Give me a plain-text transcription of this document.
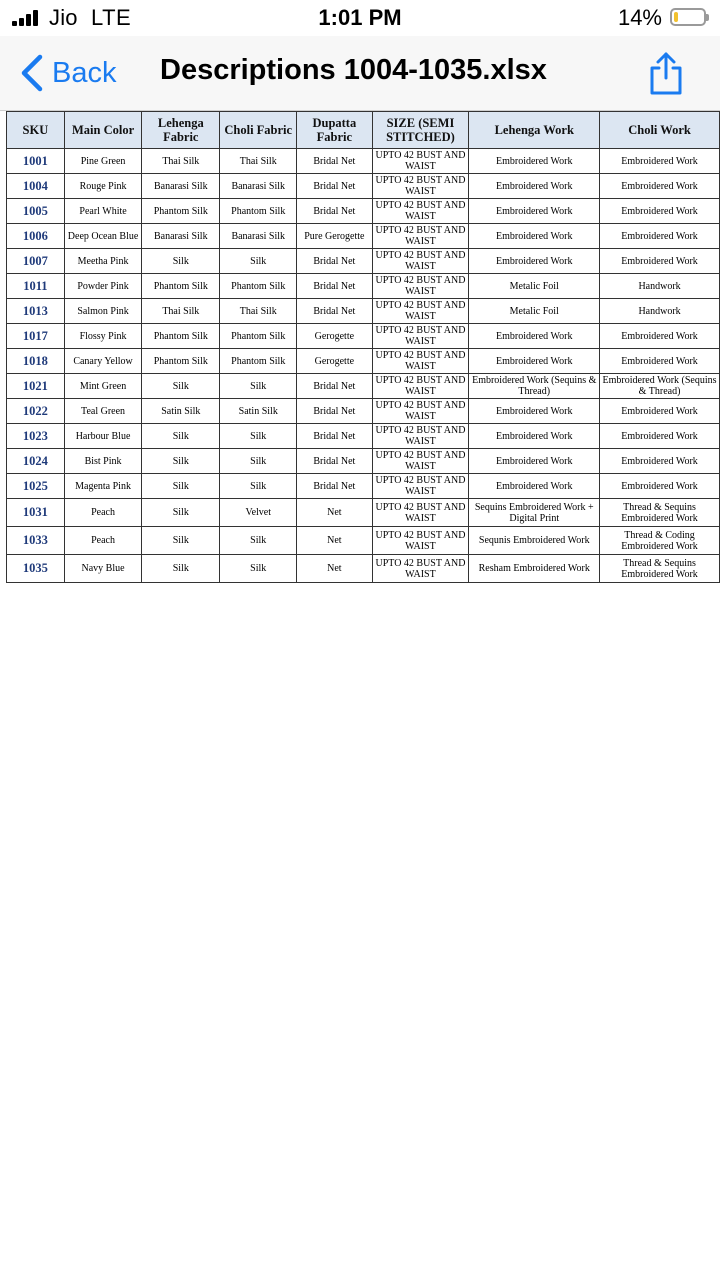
Jio LTE	1:01 PM	14%
Back Descriptions 1004-1035.xlsx
SKU	Main Color	Lehenga Fabric	Choli Fabric	Dupatta Fabric	SIZE (SEMI STITCHED)	Lehenga Work	Choli Work
1001	Pine Green	Thai Silk	Thai Silk	Bridal Net	UPTO 42 BUST AND WAIST	Embroidered Work	Embroidered Work
1004	Rouge Pink	Banarasi Silk	Banarasi Silk	Bridal Net	UPTO 42 BUST AND WAIST	Embroidered Work	Embroidered Work
1005	Pearl White	Phantom Silk	Phantom Silk	Bridal Net	UPTO 42 BUST AND WAIST	Embroidered Work	Embroidered Work
1006	Deep Ocean Blue	Banarasi Silk	Banarasi Silk	Pure Gerogette	UPTO 42 BUST AND WAIST	Embroidered Work	Embroidered Work
1007	Meetha Pink	Silk	Silk	Bridal Net	UPTO 42 BUST AND WAIST	Embroidered Work	Embroidered Work
1011	Powder Pink	Phantom Silk	Phantom Silk	Bridal Net	UPTO 42 BUST AND WAIST	Metalic Foil	Handwork
1013	Salmon Pink	Thai Silk	Thai Silk	Bridal Net	UPTO 42 BUST AND WAIST	Metalic Foil	Handwork
1017	Flossy Pink	Phantom Silk	Phantom Silk	Gerogette	UPTO 42 BUST AND WAIST	Embroidered Work	Embroidered Work
1018	Canary Yellow	Phantom Silk	Phantom Silk	Gerogette	UPTO 42 BUST AND WAIST	Embroidered Work	Embroidered Work
1021	Mint Green	Silk	Silk	Bridal Net	UPTO 42 BUST AND WAIST	Embroidered Work (Sequins & Thread)	Embroidered Work (Sequins & Thread)
1022	Teal Green	Satin Silk	Satin Silk	Bridal Net	UPTO 42 BUST AND WAIST	Embroidered Work	Embroidered Work
1023	Harbour Blue	Silk	Silk	Bridal Net	UPTO 42 BUST AND WAIST	Embroidered Work	Embroidered Work
1024	Bist Pink	Silk	Silk	Bridal Net	UPTO 42 BUST AND WAIST	Embroidered Work	Embroidered Work
1025	Magenta Pink	Silk	Silk	Bridal Net	UPTO 42 BUST AND WAIST	Embroidered Work	Embroidered Work
1031	Peach	Silk	Velvet	Net	UPTO 42 BUST AND WAIST	Sequins Embroidered Work + Digital Print	Thread & Sequins Embroidered Work
1033	Peach	Silk	Silk	Net	UPTO 42 BUST AND WAIST	Sequnis Embroidered Work	Thread & Coding Embroidered Work
1035	Navy Blue	Silk	Silk	Net	UPTO 42 BUST AND WAIST	Resham Embroidered Work	Thread & Sequins Embroidered Work
